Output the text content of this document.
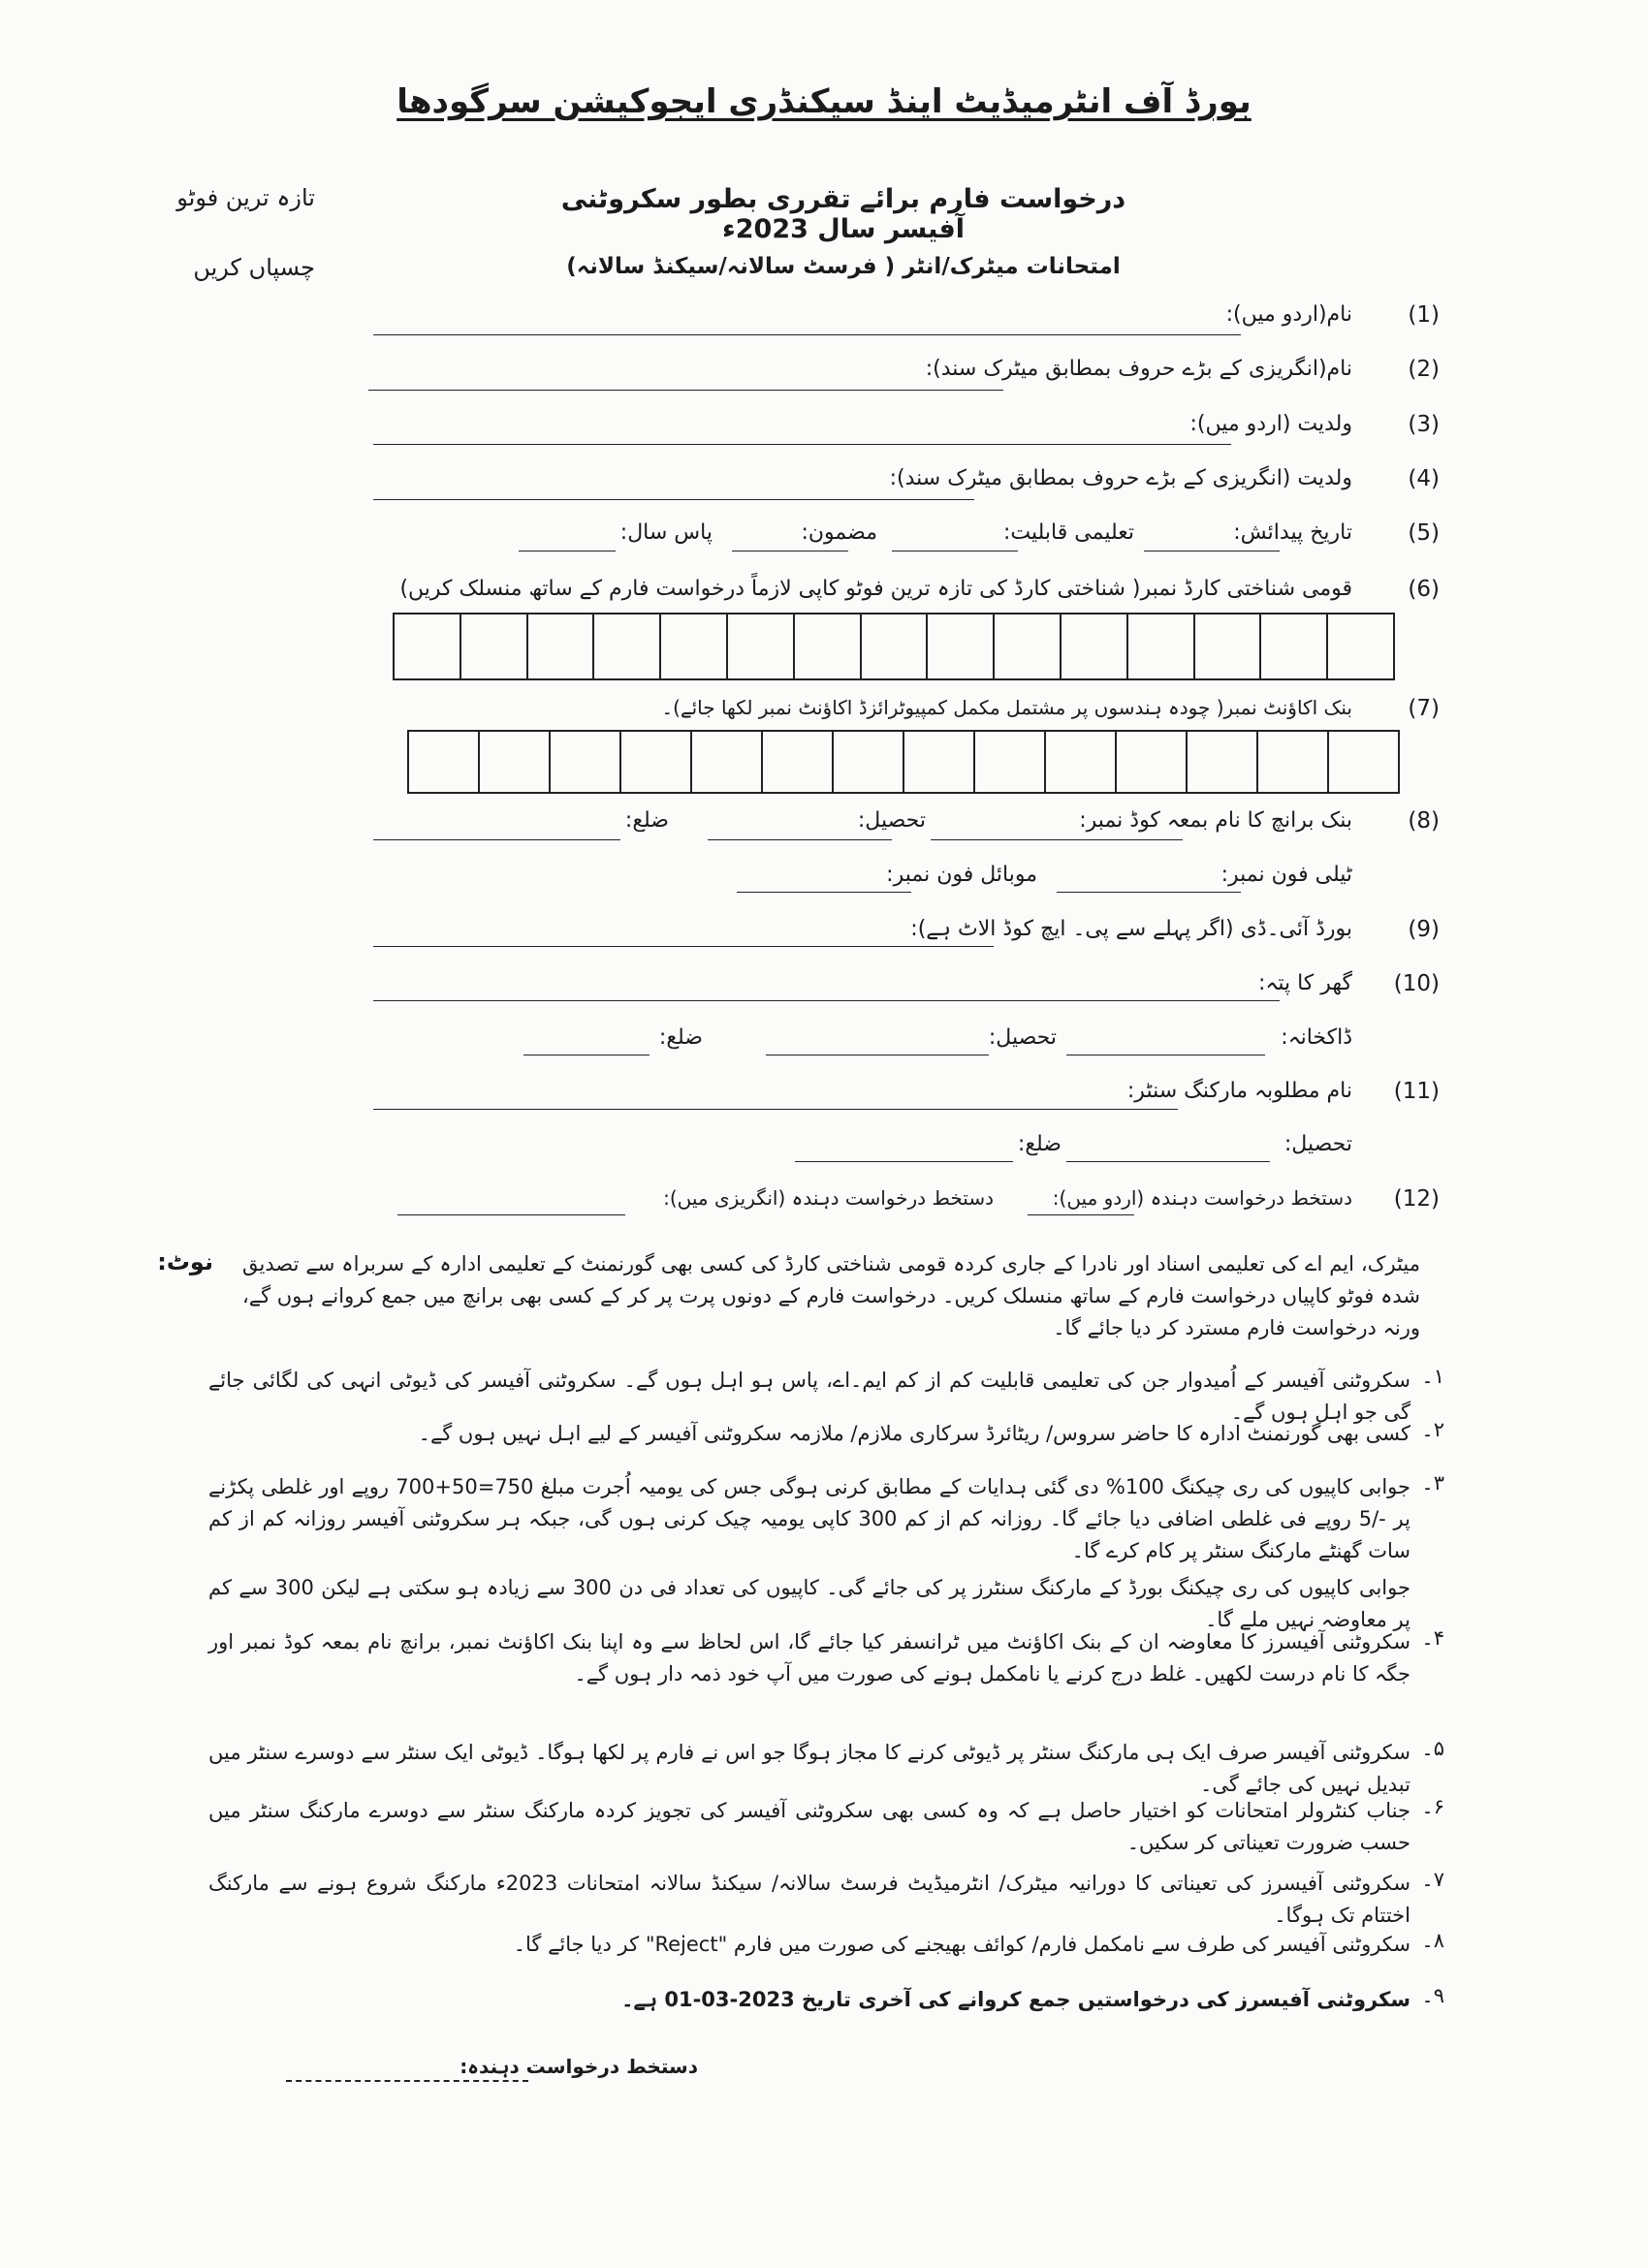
بورڈ آف انٹرمیڈیٹ اینڈ سیکنڈری ایجوکیشن سرگودھا
درخواست فارم برائے تقرری بطور سکروٹنی آفیسر سال 2023ء
امتحانات میٹرک/انٹر ( فرسٹ سالانہ/سیکنڈ سالانہ)
تازہ ترین فوٹو
چسپاں کریں
(1)
نام(اردو میں):
(2)
نام(انگریزی کے بڑے حروف بمطابق میٹرک سند):
(3)
ولدیت (اردو میں):
(4)
ولدیت (انگریزی کے بڑے حروف بمطابق میٹرک سند):
(5)
تاریخ پیدائش:
تعلیمی قابلیت:
مضمون:
پاس سال:
(6)
قومی شناختی کارڈ نمبر( شناختی کارڈ کی تازہ ترین فوٹو کاپی لازماً درخواست فارم کے ساتھ منسلک کریں)
(7)
بنک اکاؤنٹ نمبر( چودہ ہندسوں پر مشتمل مکمل کمپیوٹرائزڈ اکاؤنٹ نمبر لکھا جائے)۔
(8)
بنک برانچ کا نام بمعہ کوڈ نمبر:
تحصیل:
ضلع:
ٹیلی فون نمبر:
موبائل فون نمبر:
(9)
بورڈ آئی۔ڈی (اگر پہلے سے پی۔ ایچ کوڈ الاٹ ہے):
(10)
گھر کا پتہ:
ڈاکخانہ:
تحصیل:
ضلع:
(11)
نام مطلوبہ مارکنگ سنٹر:
تحصیل:
ضلع:
(12)
دستخط درخواست دہندہ (اردو میں):
دستخط درخواست دہندہ (انگریزی میں):
نوٹ: میٹرک، ایم اے کی تعلیمی اسناد اور نادرا کے جاری کردہ قومی شناختی کارڈ کی کسی بھی گورنمنٹ کے تعلیمی ادارہ کے سربراہ سے تصدیق شدہ فوٹو کاپیاں درخواست فارم کے ساتھ منسلک کریں۔ درخواست فارم کے دونوں پرت پر کر کے کسی بھی برانچ میں جمع کروانے ہوں گے، ورنہ درخواست فارم مسترد کر دیا جائے گا۔
۱۔
سکروٹنی آفیسر کے اُمیدوار جن کی تعلیمی قابلیت کم از کم ایم۔اے، پاس ہو اہل ہوں گے۔ سکروٹنی آفیسر کی ڈیوٹی انہی کی لگائی جائے گی جو اہل ہوں گے۔
۲۔
کسی بھی گورنمنٹ ادارہ کا حاضر سروس/ ریٹائرڈ سرکاری ملازم/ ملازمہ سکروٹنی آفیسر کے لیے اہل نہیں ہوں گے۔
۳۔
جوابی کاپیوں کی ری چیکنگ 100% دی گئی ہدایات کے مطابق کرنی ہوگی جس کی یومیہ اُجرت مبلغ 750=50+700 روپے اور غلطی پکڑنے پر -/5 روپے فی غلطی اضافی دیا جائے گا۔ روزانہ کم از کم 300 کاپی یومیہ چیک کرنی ہوں گی، جبکہ ہر سکروٹنی آفیسر روزانہ کم از کم سات گھنٹے مارکنگ سنٹر پر کام کرے گا۔
جوابی کاپیوں کی ری چیکنگ بورڈ کے مارکنگ سنٹرز پر کی جائے گی۔ کاپیوں کی تعداد فی دن 300 سے زیادہ ہو سکتی ہے لیکن 300 سے کم پر معاوضہ نہیں ملے گا۔
۴۔
سکروٹنی آفیسرز کا معاوضہ ان کے بنک اکاؤنٹ میں ٹرانسفر کیا جائے گا، اس لحاظ سے وہ اپنا بنک اکاؤنٹ نمبر، برانچ نام بمعہ کوڈ نمبر اور جگہ کا نام درست لکھیں۔ غلط درج کرنے یا نامکمل ہونے کی صورت میں آپ خود ذمہ دار ہوں گے۔
۵۔
سکروٹنی آفیسر صرف ایک ہی مارکنگ سنٹر پر ڈیوٹی کرنے کا مجاز ہوگا جو اس نے فارم پر لکھا ہوگا۔ ڈیوٹی ایک سنٹر سے دوسرے سنٹر میں تبدیل نہیں کی جائے گی۔
۶۔
جناب کنٹرولر امتحانات کو اختیار حاصل ہے کہ وہ کسی بھی سکروٹنی آفیسر کی تجویز کردہ مارکنگ سنٹر سے دوسرے مارکنگ سنٹر میں حسب ضرورت تعیناتی کر سکیں۔
۷۔
سکروٹنی آفیسرز کی تعیناتی کا دورانیہ میٹرک/ انٹرمیڈیٹ فرسٹ سالانہ/ سیکنڈ سالانہ امتحانات 2023ء مارکنگ شروع ہونے سے مارکنگ اختتام تک ہوگا۔
۸۔
سکروٹنی آفیسر کی طرف سے نامکمل فارم/ کوائف بھیجنے کی صورت میں فارم "Reject" کر دیا جائے گا۔
۹۔
سکروٹنی آفیسرز کی درخواستیں جمع کروانے کی آخری تاریخ 2023-03-01 ہے۔
دستخط درخواست دہندہ:
